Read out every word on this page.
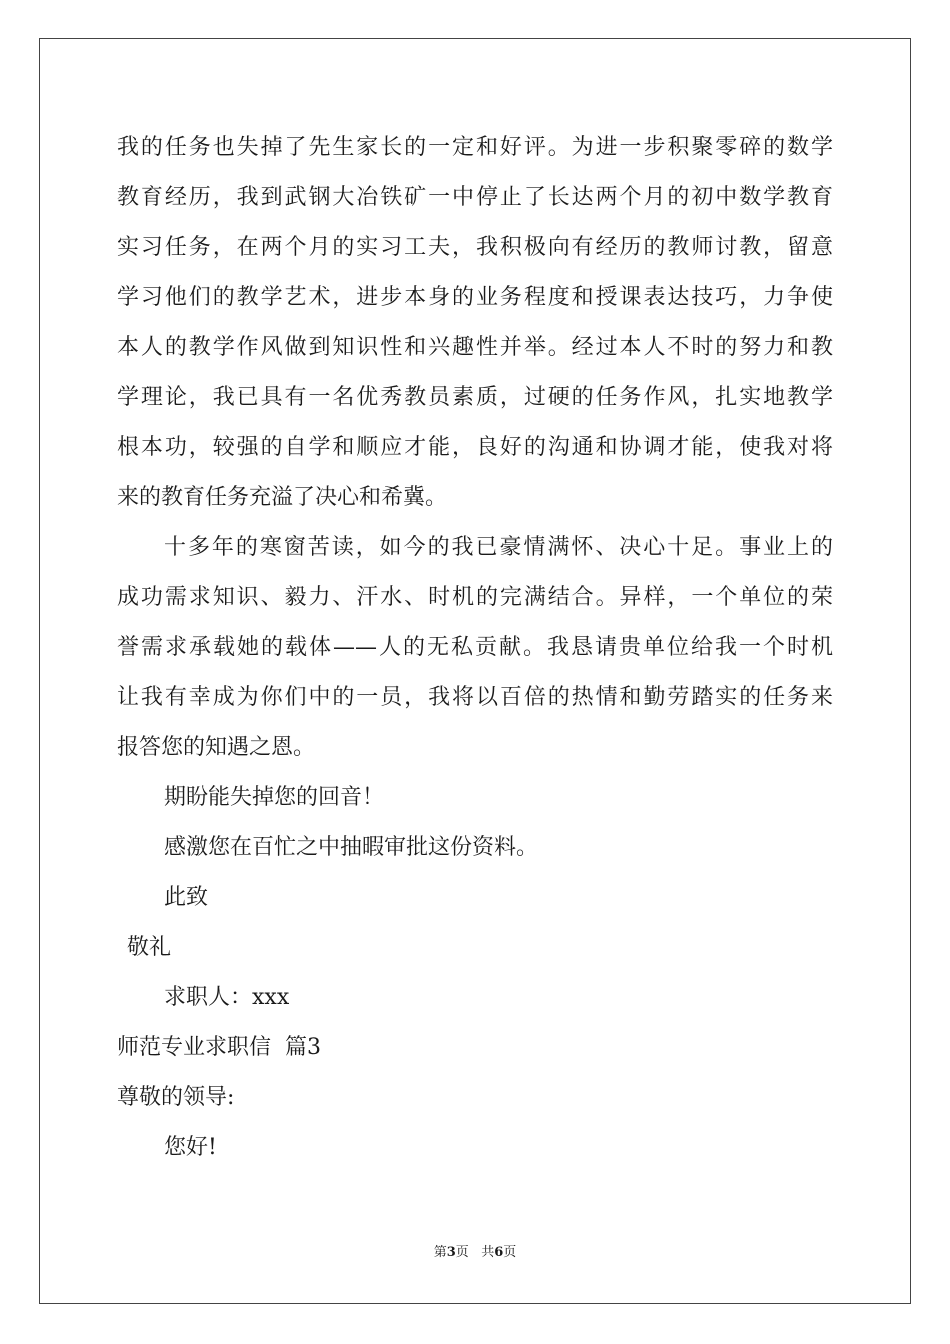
我的任务也失掉了先生家长的一定和好评。为进一步积聚零碎的数学
教育经历，我到武钢大冶铁矿一中停止了长达两个月的初中数学教育
实习任务，在两个月的实习工夫，我积极向有经历的教师讨教，留意
学习他们的教学艺术，进步本身的业务程度和授课表达技巧，力争使
本人的教学作风做到知识性和兴趣性并举。经过本人不时的努力和教
学理论，我已具有一名优秀教员素质，过硬的任务作风，扎实地教学
根本功，较强的自学和顺应才能，良好的沟通和协调才能，使我对将
来的教育任务充溢了决心和希冀。
十多年的寒窗苦读，如今的我已豪情满怀、决心十足。事业上的
成功需求知识、毅力、汗水、时机的完满结合。异样，一个单位的荣
誉需求承载她的载体——人的无私贡献。我恳请贵单位给我一个时机
让我有幸成为你们中的一员，我将以百倍的热情和勤劳踏实的任务来
报答您的知遇之恩。
期盼能失掉您的回音！
感激您在百忙之中抽暇审批这份资料。
此致
敬礼
求职人：xxx
师范专业求职信  篇3
尊敬的领导:
您好!
第3页   共6页
